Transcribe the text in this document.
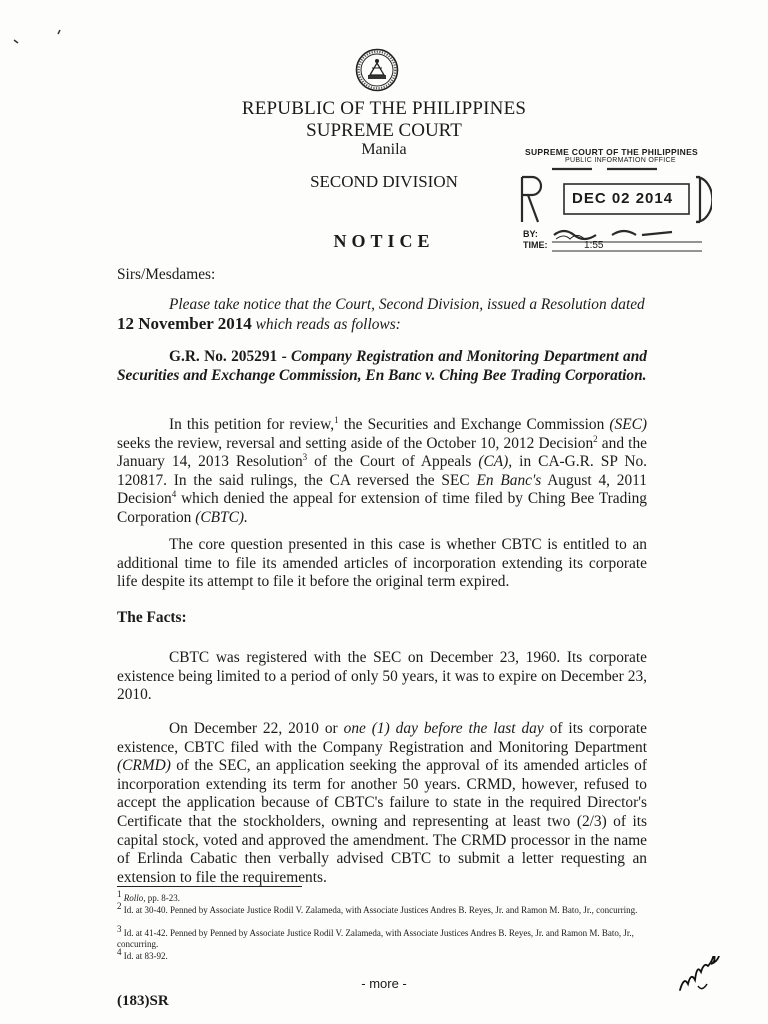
REPUBLIC OF THE PHILIPPINES
SUPREME COURT
Manila
SECOND DIVISION
NOTICE
SUPREME COURT OF THE PHILIPPINES
PUBLIC INFORMATION OFFICE
DEC 02 2014
BY:
TIME:	1:55
Sirs/Mesdames:
Please take notice that the Court, Second Division, issued a Resolution dated 12 November 2014 which reads as follows:
G.R. No. 205291 - Company Registration and Monitoring Department and Securities and Exchange Commission, En Banc v. Ching Bee Trading Corporation.
In this petition for review,$^1$ the Securities and Exchange Commission (SEC) seeks the review, reversal and setting aside of the October 10, 2012 Decision$^2$ and the January 14, 2013 Resolution$^3$ of the Court of Appeals (CA), in CA-G.R. SP No. 120817. In the said rulings, the CA reversed the SEC En Banc's August 4, 2011 Decision$^4$ which denied the appeal for extension of time filed by Ching Bee Trading Corporation (CBTC).
The core question presented in this case is whether CBTC is entitled to an additional time to file its amended articles of incorporation extending its corporate life despite its attempt to file it before the original term expired.
The Facts:
CBTC was registered with the SEC on December 23, 1960. Its corporate existence being limited to a period of only 50 years, it was to expire on December 23, 2010.
On December 22, 2010 or one (1) day before the last day of its corporate existence, CBTC filed with the Company Registration and Monitoring Department (CRMD) of the SEC, an application seeking the approval of its amended articles of incorporation extending its term for another 50 years. CRMD, however, refused to accept the application because of CBTC's failure to state in the required Director's Certificate that the stockholders, owning and representing at least two (2/3) of its capital stock, voted and approved the amendment. The CRMD processor in the name of Erlinda Cabatic then verbally advised CBTC to submit a letter requesting an extension to file the requirements.
$^1$ Rollo, pp. 8-23.
$^2$ Id. at 30-40. Penned by Associate Justice Rodil V. Zalameda, with Associate Justices Andres B. Reyes, Jr. and Ramon M. Bato, Jr., concurring.
$^3$ Id. at 41-42. Penned by Penned by Associate Justice Rodil V. Zalameda, with Associate Justices Andres B. Reyes, Jr. and Ramon M. Bato, Jr., concurring.
$^4$ Id. at 83-92.
- more -
(183)SR
